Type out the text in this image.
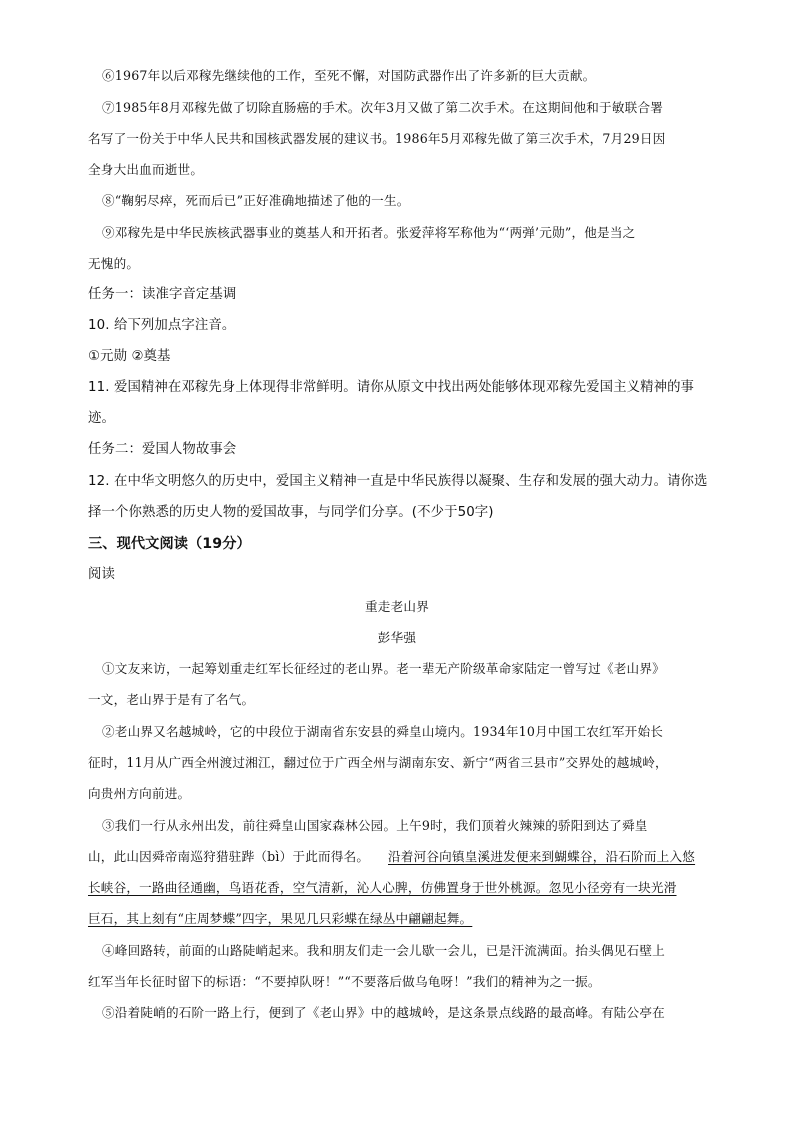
⑥1967年以后邓稼先继续他的工作，至死不懈，对国防武器作出了许多新的巨大贡献。
⑦1985年8月邓稼先做了切除直肠癌的手术。次年3月又做了第二次手术。在这期间他和于敏联合署
名写了一份关于中华人民共和国核武器发展的建议书。1986年5月邓稼先做了第三次手术，7月29日因
全身大出血而逝世。
⑧“鞠躬尽瘁，死而后已”正好准确地描述了他的一生。
⑨邓稼先是中华民族核武器事业的奠基人和开拓者。张爱萍将军称他为“‘两弹’元勋”，他是当之
无愧的。
任务一：读准字音定基调
10. 给下列加点字注音。
①元勋 ②奠基
11. 爱国精神在邓稼先身上体现得非常鲜明。请你从原文中找出两处能够体现邓稼先爱国主义精神的事
迹。
任务二：爱国人物故事会
12. 在中华文明悠久的历史中，爱国主义精神一直是中华民族得以凝聚、生存和发展的强大动力。请你选
择一个你熟悉的历史人物的爱国故事，与同学们分享。(不少于50字)
三、现代文阅读（19分）
阅读
重走老山界
彭华强
①文友来访，一起筹划重走红军长征经过的老山界。老一辈无产阶级革命家陆定一曾写过《老山界》
一文，老山界于是有了名气。
②老山界又名越城岭，它的中段位于湖南省东安县的舜皇山境内。1934年10月中国工农红军开始长
征时，11月从广西全州渡过湘江，翻过位于广西全州与湖南东安、新宁“两省三县市”交界处的越城岭，
向贵州方向前进。
③我们一行从永州出发，前往舜皇山国家森林公园。上午9时，我们顶着火辣辣的骄阳到达了舜皇
山，此山因舜帝南巡狩猎驻跸（bì）于此而得名。 沿着河谷向镇皇溪进发便来到蝴蝶谷，沿石阶而上入悠
长峡谷，一路曲径通幽，鸟语花香，空气清新，沁人心脾，仿佛置身于世外桃源。忽见小径旁有一块光滑
巨石，其上刻有“庄周梦蝶”四字，果见几只彩蝶在绿丛中翩翩起舞。
④峰回路转，前面的山路陡峭起来。我和朋友们走一会儿歇一会儿，已是汗流满面。抬头偶见石壁上
红军当年长征时留下的标语：“不要掉队呀！”“不要落后做乌龟呀！”我们的精神为之一振。
⑤沿着陡峭的石阶一路上行，便到了《老山界》中的越城岭，是这条景点线路的最高峰。有陆公亭在
